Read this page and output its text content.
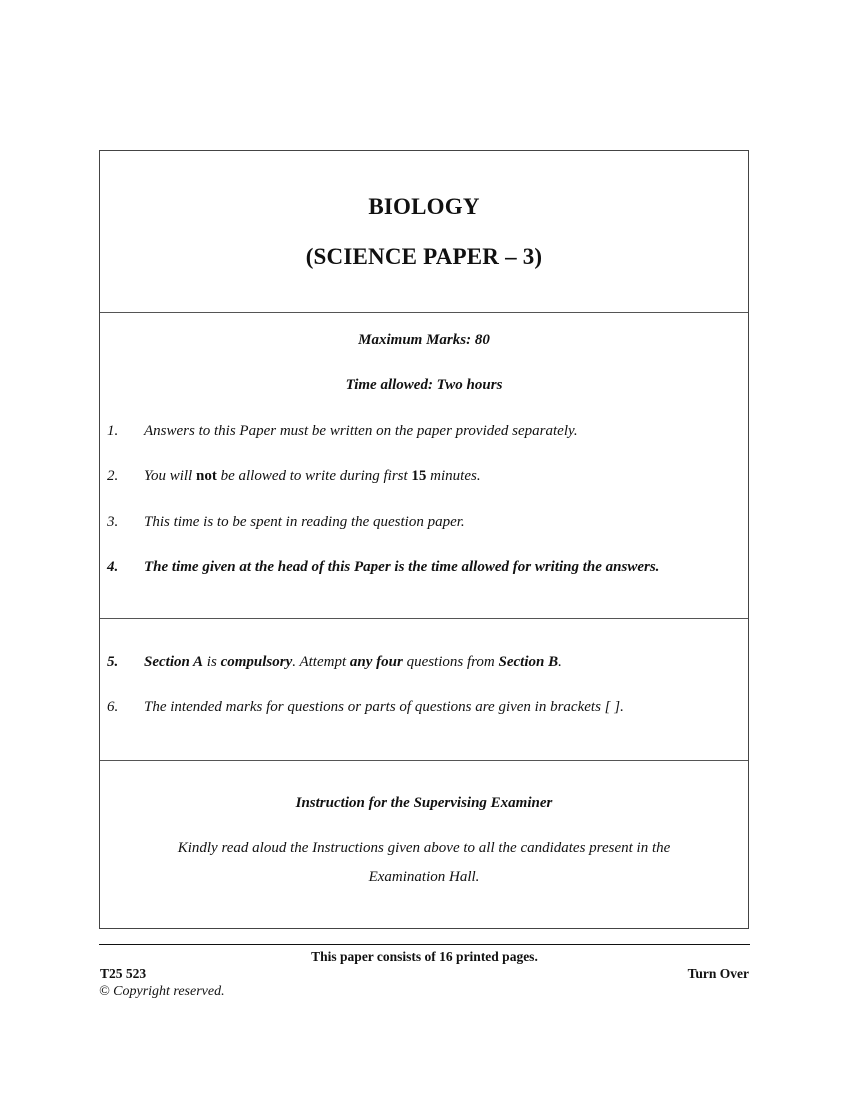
BIOLOGY
(SCIENCE PAPER – 3)
Maximum Marks: 80
Time allowed: Two hours
1. Answers to this Paper must be written on the paper provided separately.
2. You will not be allowed to write during first 15 minutes.
3. This time is to be spent in reading the question paper.
4. The time given at the head of this Paper is the time allowed for writing the answers.
5. Section A is compulsory. Attempt any four questions from Section B.
6. The intended marks for questions or parts of questions are given in brackets [ ].
Instruction for the Supervising Examiner
Kindly read aloud the Instructions given above to all the candidates present in the
Examination Hall.
This paper consists of 16 printed pages.
T25 523	Turn Over
© Copyright reserved.
